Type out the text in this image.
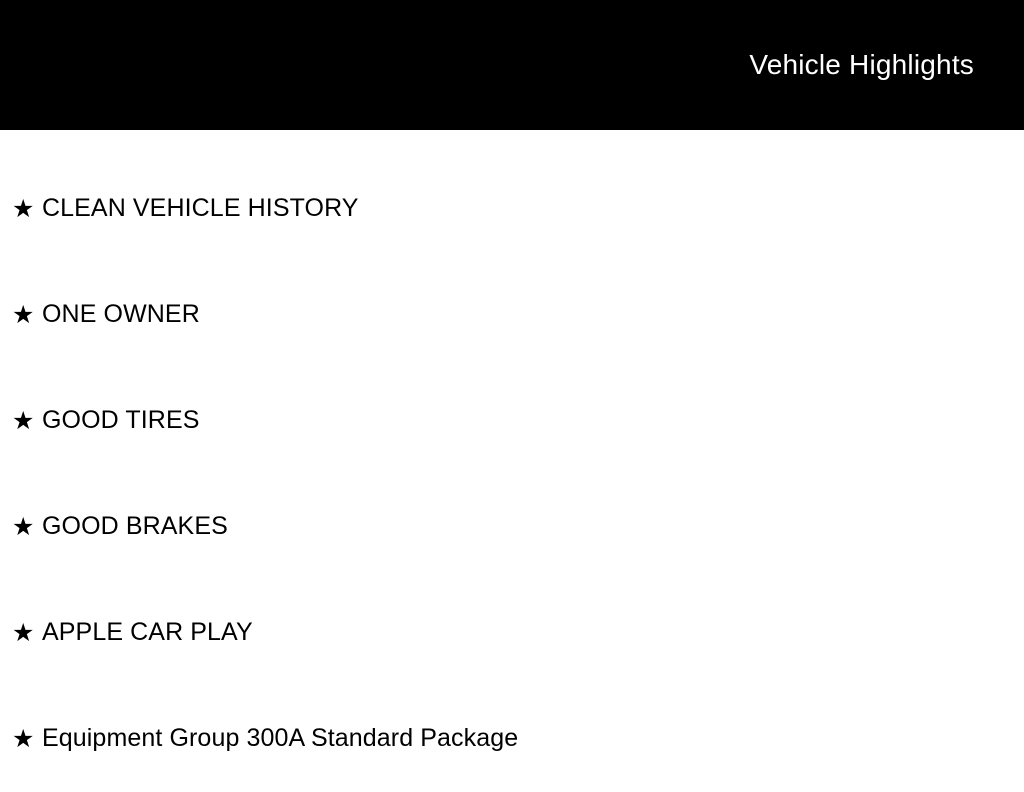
Vehicle Highlights
★ CLEAN VEHICLE HISTORY
★ ONE OWNER
★ GOOD TIRES
★ GOOD BRAKES
★ APPLE CAR PLAY
★ Equipment Group 300A Standard Package
